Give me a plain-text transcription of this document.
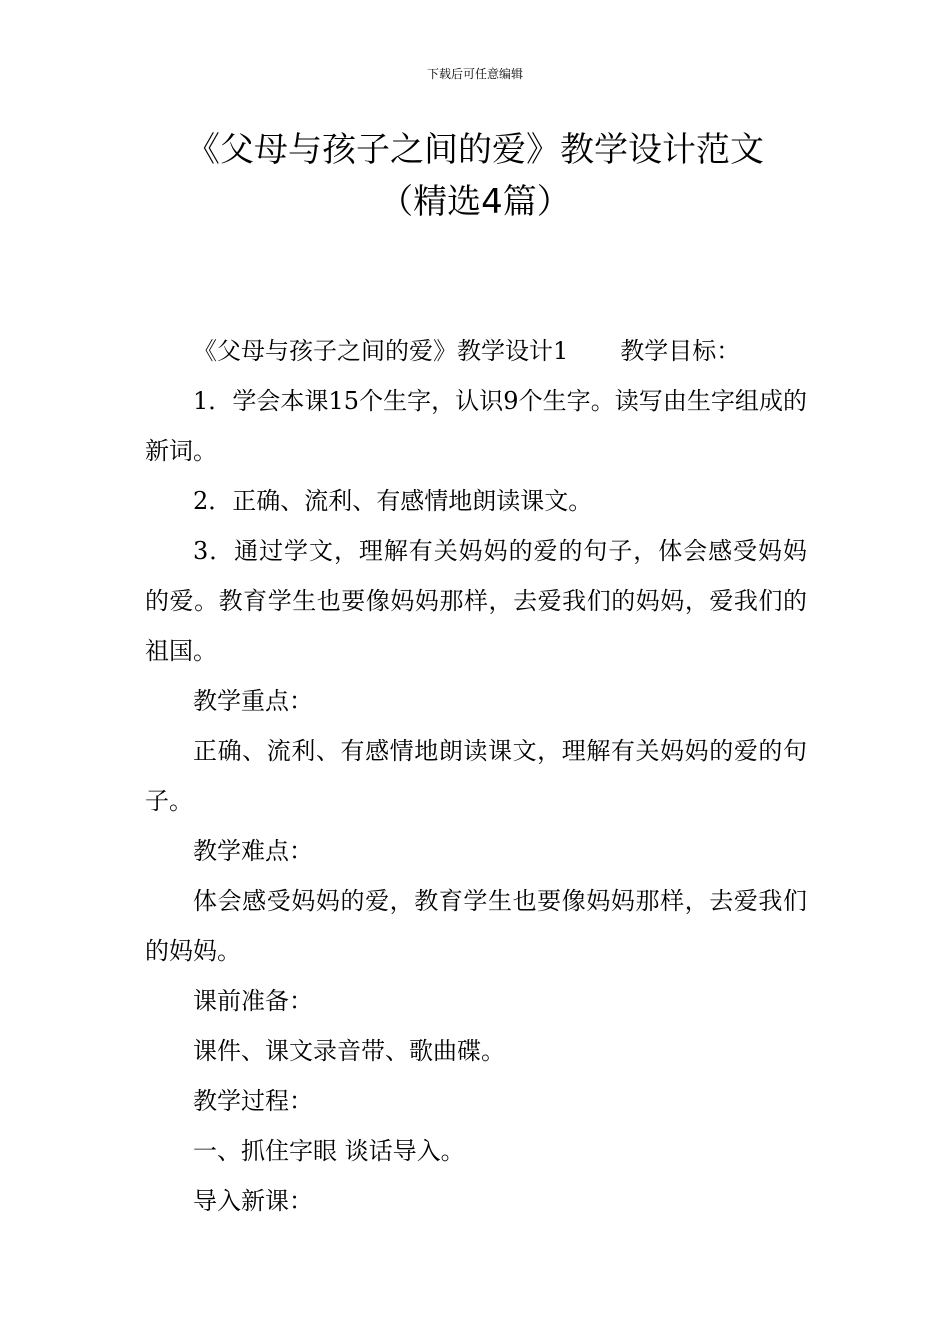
下载后可任意编辑
《父母与孩子之间的爱》教学设计范文
（精选4篇）

《父母与孩子之间的爱》教学设计1 教学目标：

1．学会本课15个生字，认识9个生字。读写由生字组成的新词。

2．正确、流利、有感情地朗读课文。

3．通过学文，理解有关妈妈的爱的句子，体会感受妈妈的爱。教育学生也要像妈妈那样，去爱我们的妈妈，爱我们的祖国。

教学重点：

正确、流利、有感情地朗读课文，理解有关妈妈的爱的句子。

教学难点：

体会感受妈妈的爱，教育学生也要像妈妈那样，去爱我们的妈妈。

课前准备：

课件、课文录音带、歌曲碟。

教学过程：

一、抓住字眼 谈话导入。

导入新课：
